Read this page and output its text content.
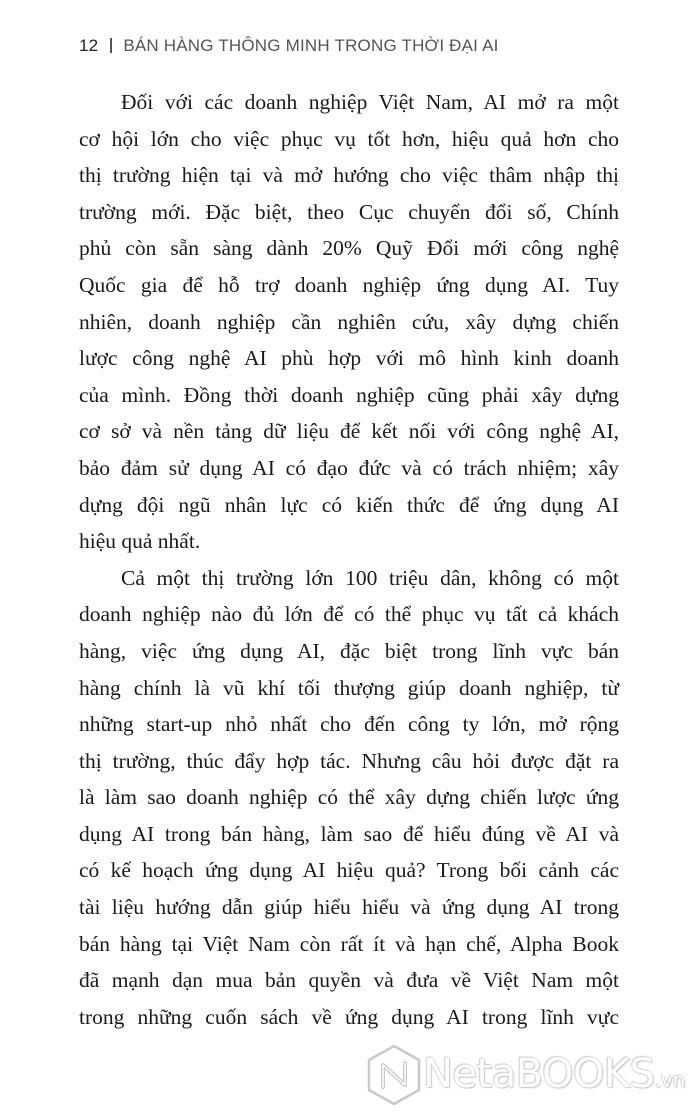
12 BÁN HÀNG THÔNG MINH TRONG THỜI ĐẠI AI

Đối với các doanh nghiệp Việt Nam, AI mở ra một
cơ hội lớn cho việc phục vụ tốt hơn, hiệu quả hơn cho
thị trường hiện tại và mở hướng cho việc thâm nhập thị
trường mới. Đặc biệt, theo Cục chuyển đổi số, Chính
phủ còn sẵn sàng dành 20% Quỹ Đổi mới công nghệ
Quốc gia để hỗ trợ doanh nghiệp ứng dụng AI. Tuy
nhiên, doanh nghiệp cần nghiên cứu, xây dựng chiến
lược công nghệ AI phù hợp với mô hình kinh doanh
của mình. Đồng thời doanh nghiệp cũng phải xây dựng
cơ sở và nền tảng dữ liệu để kết nối với công nghệ AI,
bảo đảm sử dụng AI có đạo đức và có trách nhiệm; xây
dựng đội ngũ nhân lực có kiến thức để ứng dụng AI
hiệu quả nhất.

Cả một thị trường lớn 100 triệu dân, không có một
doanh nghiệp nào đủ lớn để có thể phục vụ tất cả khách
hàng, việc ứng dụng AI, đặc biệt trong lĩnh vực bán
hàng chính là vũ khí tối thượng giúp doanh nghiệp, từ
những start-up nhỏ nhất cho đến công ty lớn, mở rộng
thị trường, thúc đẩy hợp tác. Nhưng câu hỏi được đặt ra
là làm sao doanh nghiệp có thể xây dựng chiến lược ứng
dụng AI trong bán hàng, làm sao để hiểu đúng về AI và
có kế hoạch ứng dụng AI hiệu quả? Trong bối cảnh các
tài liệu hướng dẫn giúp hiểu hiểu và ứng dụng AI trong
bán hàng tại Việt Nam còn rất ít và hạn chế, Alpha Book
đã mạnh dạn mua bản quyền và đưa về Việt Nam một
trong những cuốn sách về ứng dụng AI trong lĩnh vực

NetaBOOKS.vn
